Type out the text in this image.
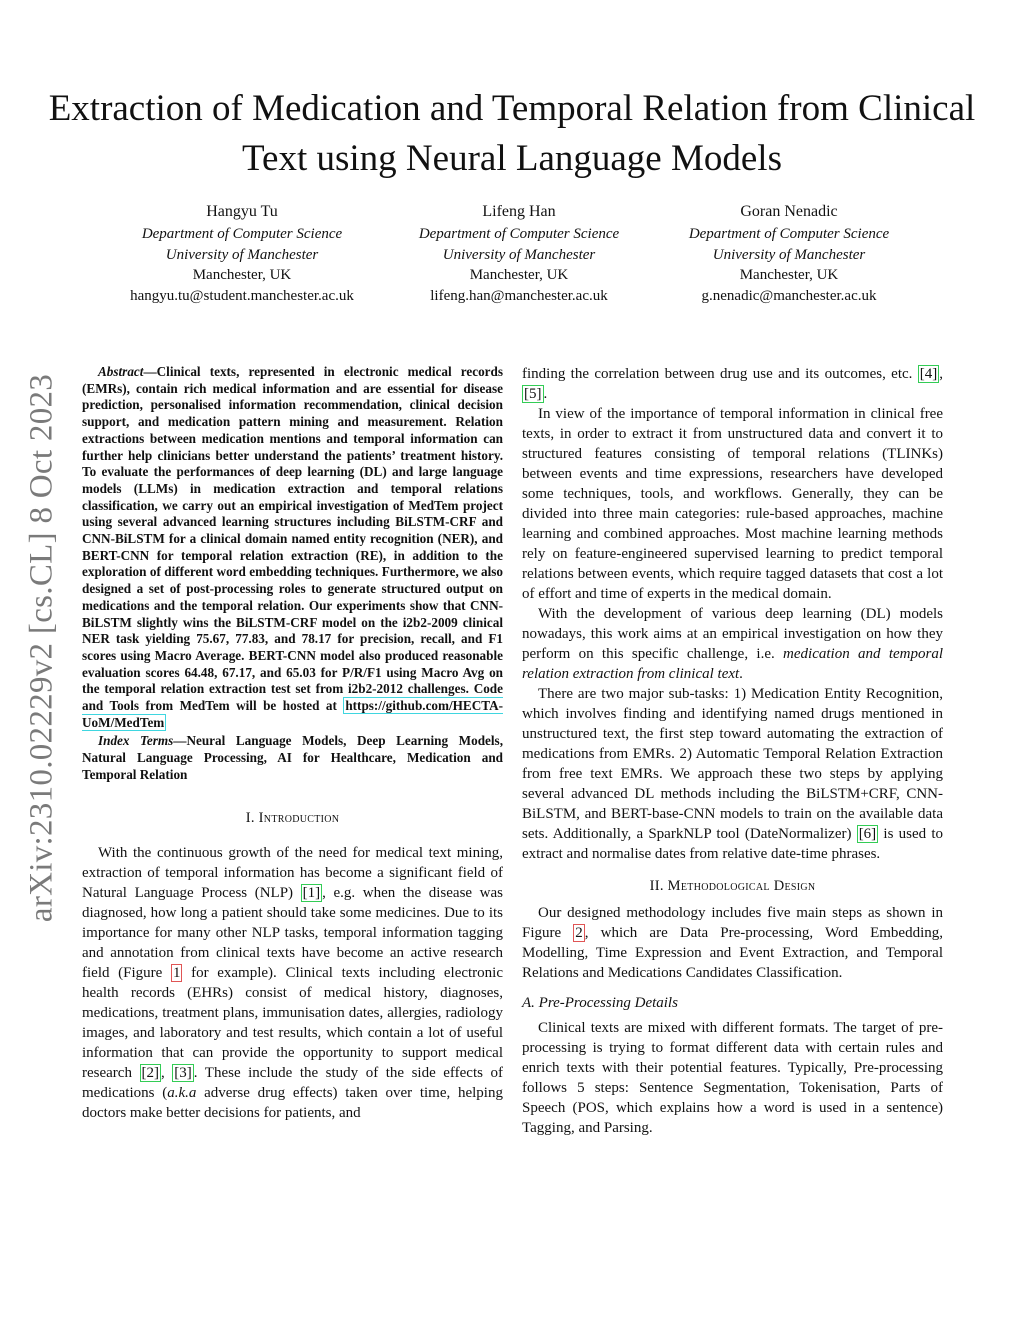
Extraction of Medication and Temporal Relation from Clinical Text using Neural Language Models
Hangyu Tu
Department of Computer Science
University of Manchester
Manchester, UK
hangyu.tu@student.manchester.ac.uk
Lifeng Han
Department of Computer Science
University of Manchester
Manchester, UK
lifeng.han@manchester.ac.uk
Goran Nenadic
Department of Computer Science
University of Manchester
Manchester, UK
g.nenadic@manchester.ac.uk
arXiv:2310.02229v2 [cs.CL] 8 Oct 2023

Abstract—Clinical texts, represented in electronic medical records (EMRs), contain rich medical information and are essential for disease prediction, personalised information recommendation, clinical decision support, and medication pattern mining and measurement. Relation extractions between medication mentions and temporal information can further help clinicians better understand the patients’ treatment history. To evaluate the performances of deep learning (DL) and large language models (LLMs) in medication extraction and temporal relations classification, we carry out an empirical investigation of MedTem project using several advanced learning structures including BiLSTM-CRF and CNN-BiLSTM for a clinical domain named entity recognition (NER), and BERT-CNN for temporal relation extraction (RE), in addition to the exploration of different word embedding techniques. Furthermore, we also designed a set of post-processing roles to generate structured output on medications and the temporal relation. Our experiments show that CNN-BiLSTM slightly wins the BiLSTM-CRF model on the i2b2-2009 clinical NER task yielding 75.67, 77.83, and 78.17 for precision, recall, and F1 scores using Macro Average. BERT-CNN model also produced reasonable evaluation scores 64.48, 67.17, and 65.03 for P/R/F1 using Macro Avg on the temporal relation extraction test set from i2b2-2012 challenges. Code and Tools from MedTem will be hosted at https://github.com/HECTA-UoM/MedTem

Index Terms—Neural Language Models, Deep Learning Models, Natural Language Processing, AI for Healthcare, Medication and Temporal Relation

I. Introduction

With the continuous growth of the need for medical text mining, extraction of temporal information has become a significant field of Natural Language Process (NLP) [1] , e.g. when the disease was diagnosed, how long a patient should take some medicines. Due to its importance for many other NLP tasks, temporal information tagging and annotation from clinical texts have become an active research field (Figure 1 for example). Clinical texts including electronic health records (EHRs) consist of medical history, diagnoses, medications, treatment plans, immunisation dates, allergies, radiology images, and laboratory and test results, which contain a lot of useful information that can provide the opportunity to support medical research [2] , [3] . These include the study of the side effects of medications (a.k.a adverse drug effects) taken over time, helping doctors make better decisions for patients, and

finding the correlation between drug use and its outcomes, etc. [4] , [5] .

In view of the importance of temporal information in clinical free texts, in order to extract it from unstructured data and convert it to structured features consisting of temporal relations (TLINKs) between events and time expressions, researchers have developed some techniques, tools, and workflows. Generally, they can be divided into three main categories: rule-based approaches, machine learning and combined approaches. Most machine learning methods rely on feature-engineered supervised learning to predict temporal relations between events, which require tagged datasets that cost a lot of effort and time of experts in the medical domain.

With the development of various deep learning (DL) models nowadays, this work aims at an empirical investigation on how they perform on this specific challenge, i.e. medication and temporal relation extraction from clinical text.

There are two major sub-tasks: 1) Medication Entity Recognition, which involves finding and identifying named drugs mentioned in unstructured text, the first step toward automating the extraction of medications from EMRs. 2) Automatic Temporal Relation Extraction from free text EMRs. We approach these two steps by applying several advanced DL methods including the BiLSTM+CRF, CNN-BiLSTM, and BERT-base-CNN models to train on the available data sets. Additionally, a SparkNLP tool (DateNormalizer) [6] is used to extract and normalise dates from relative date-time phrases.

II. Methodological Design

Our designed methodology includes five main steps as shown in Figure 2 , which are Data Pre-processing, Word Embedding, Modelling, Time Expression and Event Extraction, and Temporal Relations and Medications Candidates Classification.

A. Pre-Processing Details

Clinical texts are mixed with different formats. The target of pre-processing is trying to format different data with certain rules and enrich texts with their potential features. Typically, Pre-processing follows 5 steps: Sentence Segmentation, Tokenisation, Parts of Speech (POS, which explains how a word is used in a sentence) Tagging, and Parsing.
